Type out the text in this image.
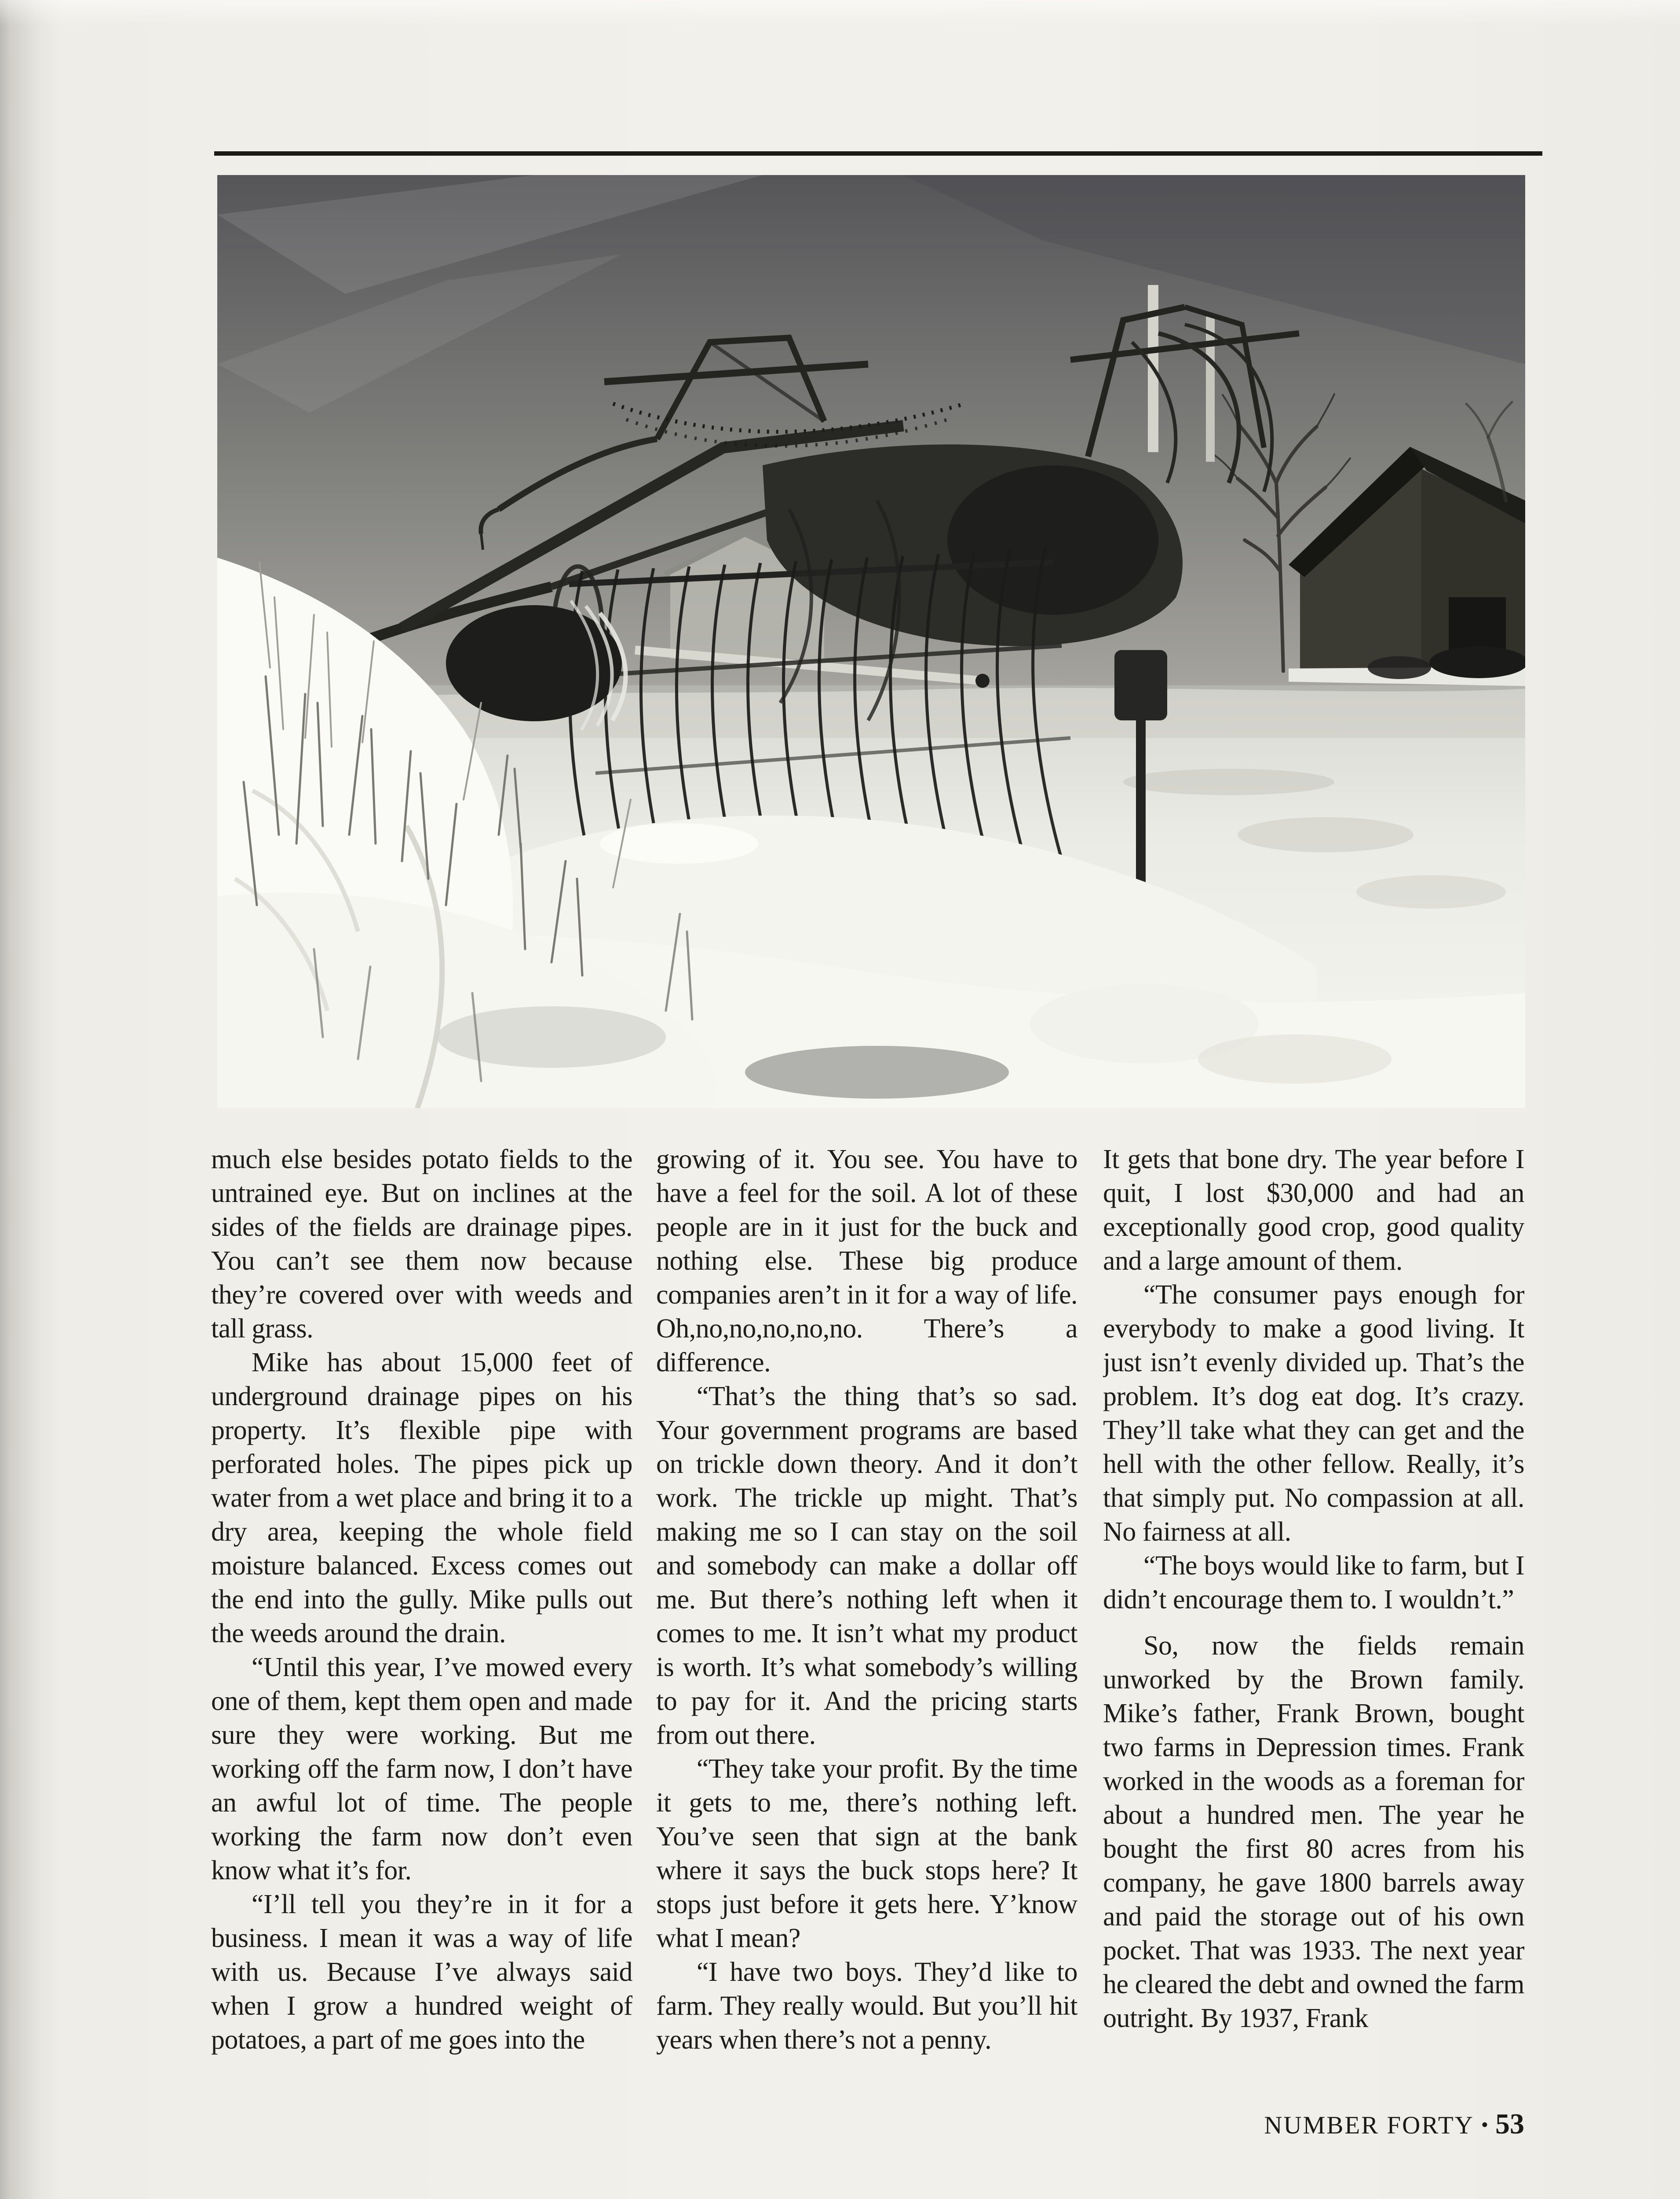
much else besides potato fields to the untrained eye. But on inclines at the sides of the fields are drainage pipes. You can’t see them now because they’re covered over with weeds and tall grass.

Mike has about 15,000 feet of underground drainage pipes on his property. It’s flexible pipe with perforated holes. The pipes pick up water from a wet place and bring it to a dry area, keeping the whole field moisture balanced. Excess comes out the end into the gully. Mike pulls out the weeds around the drain.

“Until this year, I’ve mowed every one of them, kept them open and made sure they were working. But me working off the farm now, I don’t have an awful lot of time. The people working the farm now don’t even know what it’s for.

“I’ll tell you they’re in it for a business. I mean it was a way of life with us. Because I’ve always said when I grow a hundred weight of potatoes, a part of me goes into the

growing of it. You see. You have to have a feel for the soil. A lot of these people are in it just for the buck and nothing else. These big produce companies aren’t in it for a way of life. Oh,no,no,no,no,no. There’s a difference.

“That’s the thing that’s so sad. Your government programs are based on trickle down theory. And it don’t work. The trickle up might. That’s making me so I can stay on the soil and somebody can make a dollar off me. But there’s nothing left when it comes to me. It isn’t what my product is worth. It’s what somebody’s willing to pay for it. And the pricing starts from out there.

“They take your profit. By the time it gets to me, there’s nothing left. You’ve seen that sign at the bank where it says the buck stops here? It stops just before it gets here. Y’know what I mean?

“I have two boys. They’d like to farm. They really would. But you’ll hit years when there’s not a penny.

It gets that bone dry. The year before I quit, I lost $30,000 and had an exceptionally good crop, good quality and a large amount of them.

“The consumer pays enough for everybody to make a good living. It just isn’t evenly divided up. That’s the problem. It’s dog eat dog. It’s crazy. They’ll take what they can get and the hell with the other fellow. Really, it’s that simply put. No compassion at all. No fairness at all.

“The boys would like to farm, but I didn’t encourage them to. I wouldn’t.”

So, now the fields remain unworked by the Brown family. Mike’s father, Frank Brown, bought two farms in Depression times. Frank worked in the woods as a foreman for about a hundred men. The year he bought the first 80 acres from his company, he gave 1800 barrels away and paid the storage out of his own pocket. That was 1933. The next year he cleared the debt and owned the farm outright. By 1937, Frank

NUMBER FORTY • 53
